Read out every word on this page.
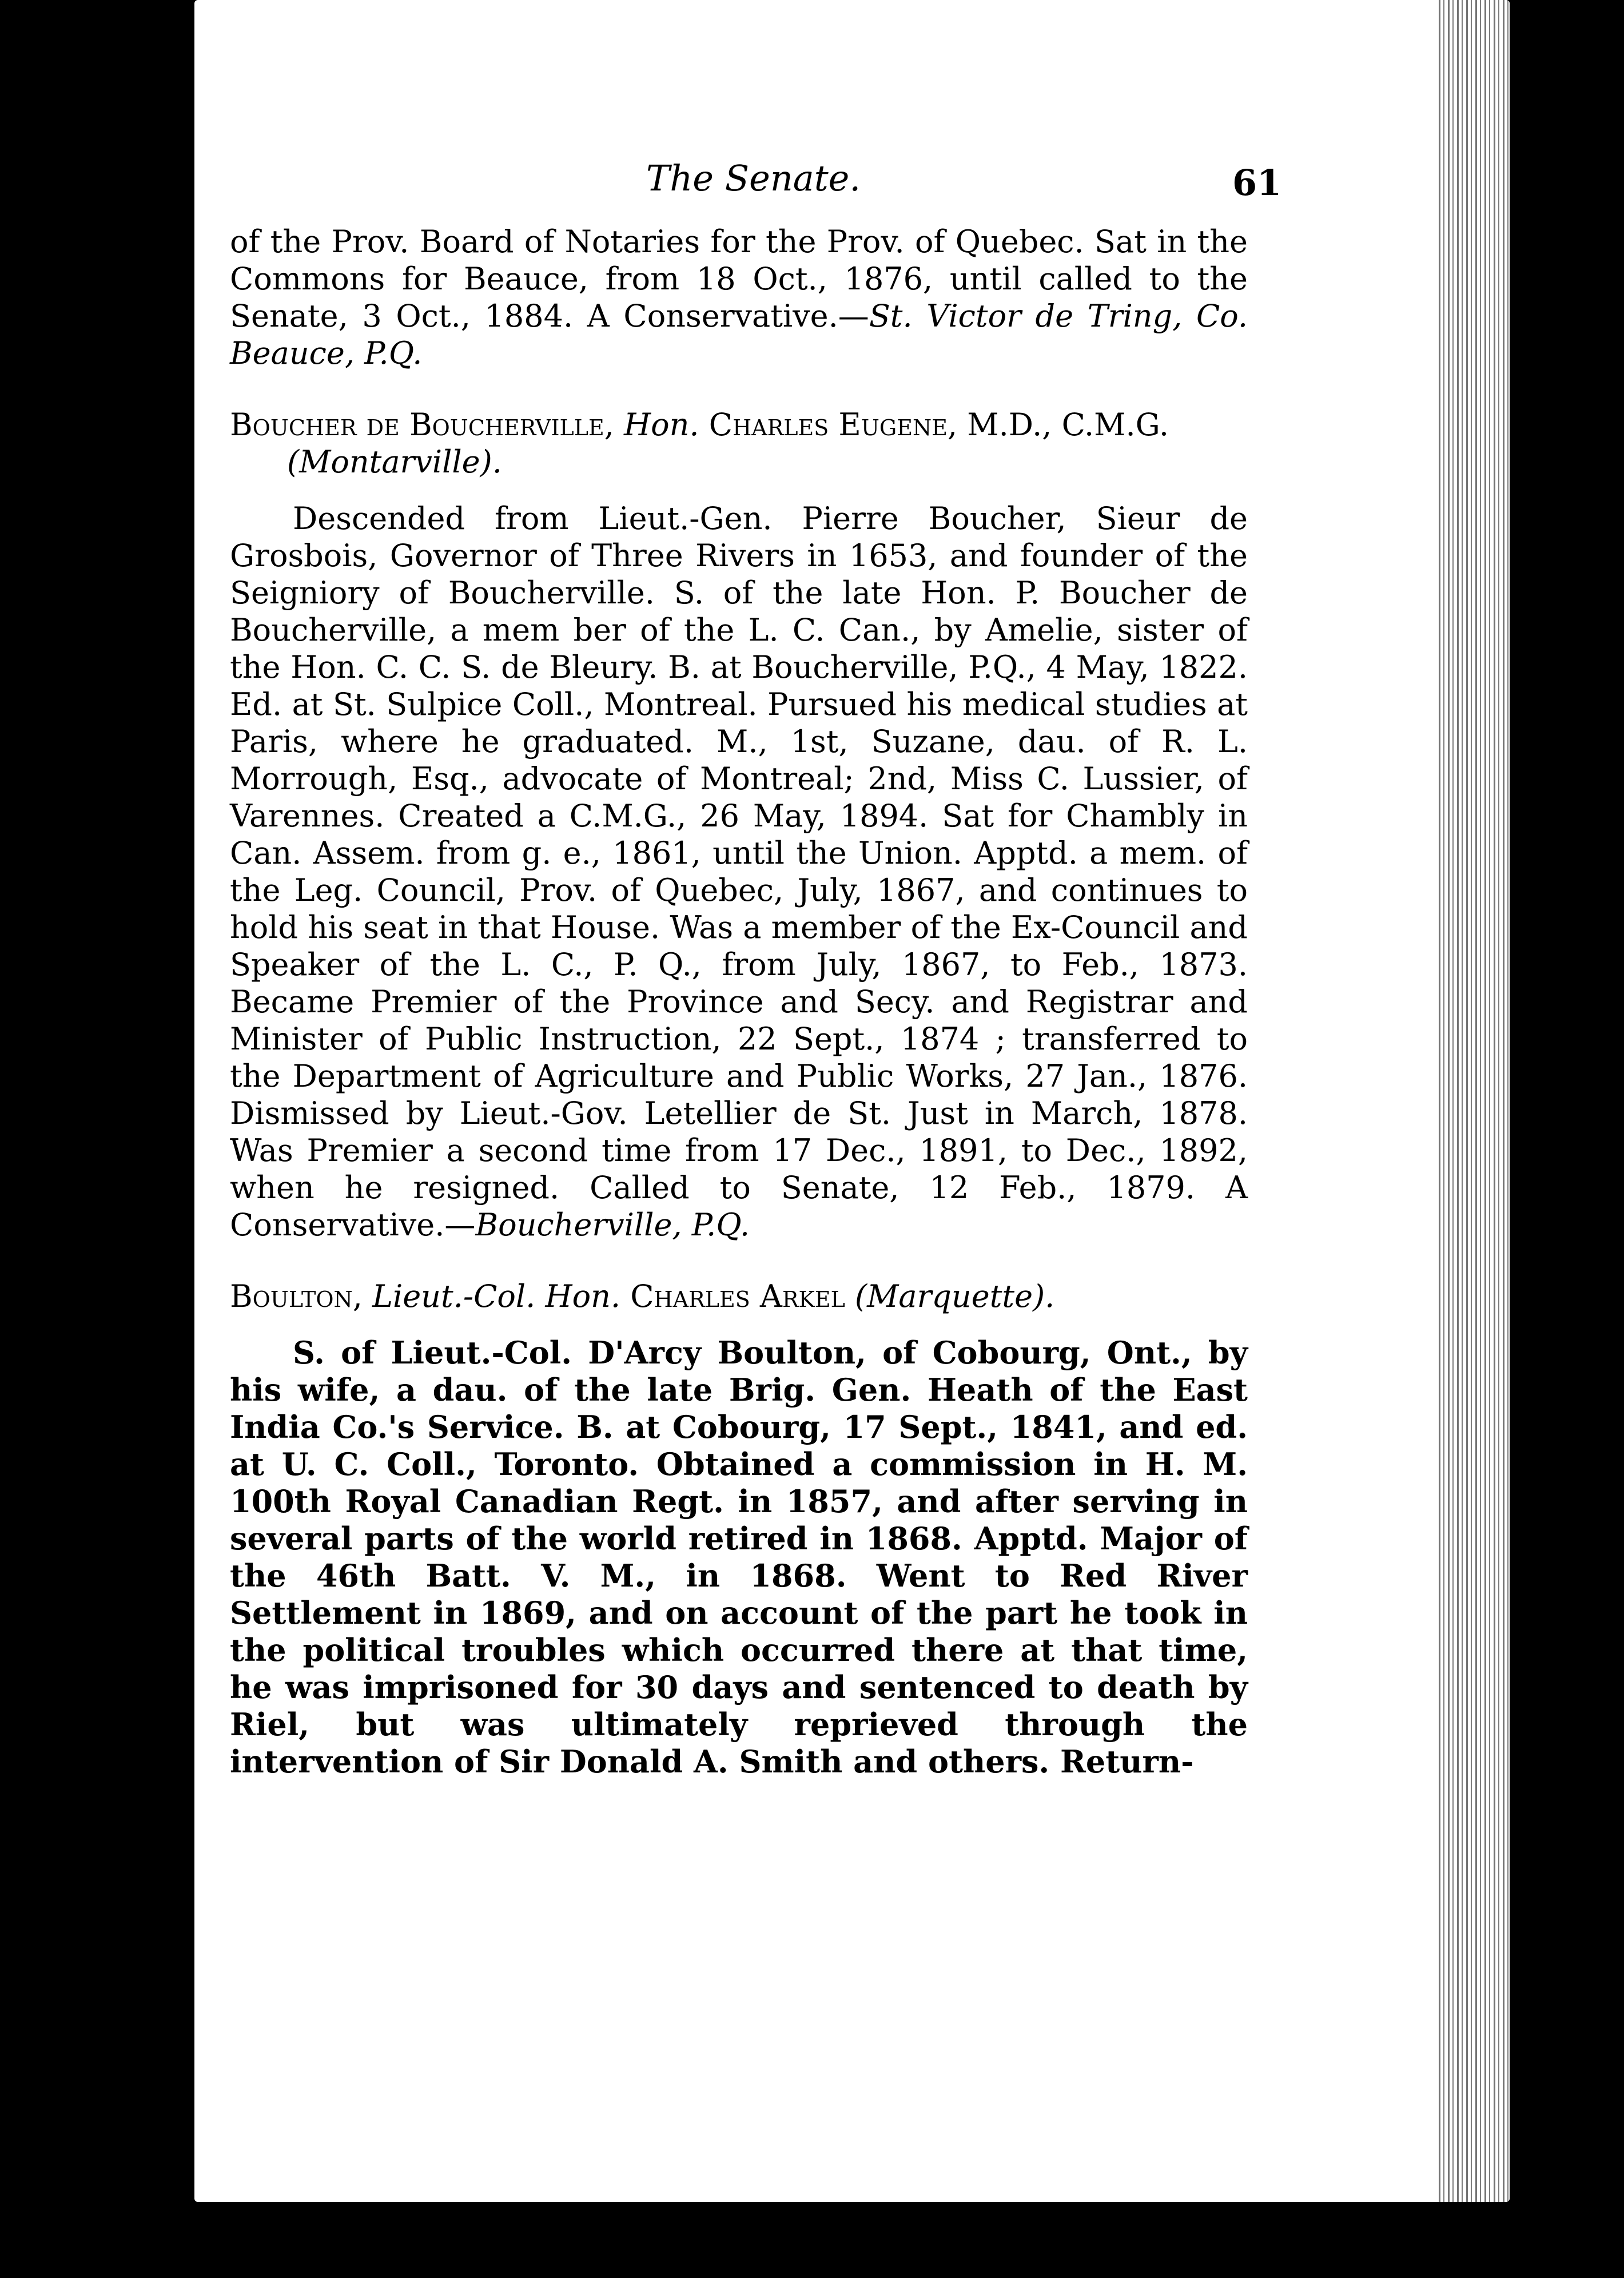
The Senate.	61

of the Prov. Board of Notaries for the Prov. of Quebec. Sat in the Commons for Beauce, from 18 Oct., 1876, until called to the Senate, 3 Oct., 1884. A Conservative.—St. Victor de Tring, Co. Beauce, P.Q.

Boucher de Boucherville, Hon. Charles Eugene, M.D., C.M.G. (Montarville).

Descended from Lieut.-Gen. Pierre Boucher, Sieur de Grosbois, Governor of Three Rivers in 1653, and founder of the Seigniory of Boucherville. S. of the late Hon. P. Boucher de Boucherville, a mem ber of the L. C. Can., by Amelie, sister of the Hon. C. C. S. de Bleury. B. at Boucherville, P.Q., 4 May, 1822. Ed. at St. Sulpice Coll., Montreal. Pursued his medical studies at Paris, where he graduated. M., 1st, Suzane, dau. of R. L. Morrough, Esq., advocate of Montreal; 2nd, Miss C. Lussier, of Varennes. Created a C.M.G., 26 May, 1894. Sat for Chambly in Can. Assem. from g. e., 1861, until the Union. Apptd. a mem. of the Leg. Council, Prov. of Quebec, July, 1867, and continues to hold his seat in that House. Was a member of the Ex-Council and Speaker of the L. C., P. Q., from July, 1867, to Feb., 1873. Became Premier of the Province and Secy. and Registrar and Minister of Public Instruction, 22 Sept., 1874 ; transferred to the Department of Agriculture and Public Works, 27 Jan., 1876. Dismissed by Lieut.-Gov. Letellier de St. Just in March, 1878. Was Premier a second time from 17 Dec., 1891, to Dec., 1892, when he resigned. Called to Senate, 12 Feb., 1879. A Conservative.—Boucherville, P.Q.

Boulton, Lieut.-Col. Hon. Charles Arkel (Marquette).

S. of Lieut.-Col. D'Arcy Boulton, of Cobourg, Ont., by his wife, a dau. of the late Brig. Gen. Heath of the East India Co.'s Service. B. at Cobourg, 17 Sept., 1841, and ed. at U. C. Coll., Toronto. Obtained a commission in H. M. 100th Royal Canadian Regt. in 1857, and after serving in several parts of the world retired in 1868. Apptd. Major of the 46th Batt. V. M., in 1868. Went to Red River Settlement in 1869, and on account of the part he took in the political troubles which occurred there at that time, he was imprisoned for 30 days and sentenced to death by Riel, but was ultimately reprieved through the intervention of Sir Donald A. Smith and others. Return-
